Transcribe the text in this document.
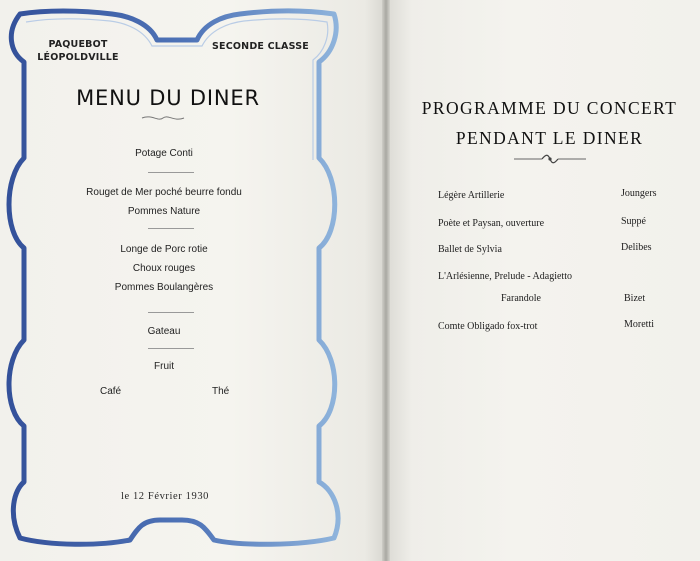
PAQUEBOT
LÉOPOLDVILLE
SECONDE CLASSE
MENU DU DINER
Potage Conti
Rouget de Mer poché beurre fondu
Pommes Nature
Longe de Porc rotie
Choux rouges
Pommes Boulangères
Gateau
Fruit
Café	Thé
le 12 Février 1930
PROGRAMME DU CONCERT
PENDANT LE DINER
Légère Artillerie	Joungers
Poète et Paysan, ouverture	Suppé
Ballet de Sylvia	Delibes
L'Arlésienne, Prelude - Adagietto
Farandole	Bizet
Comte Obligado fox-trot	Moretti
